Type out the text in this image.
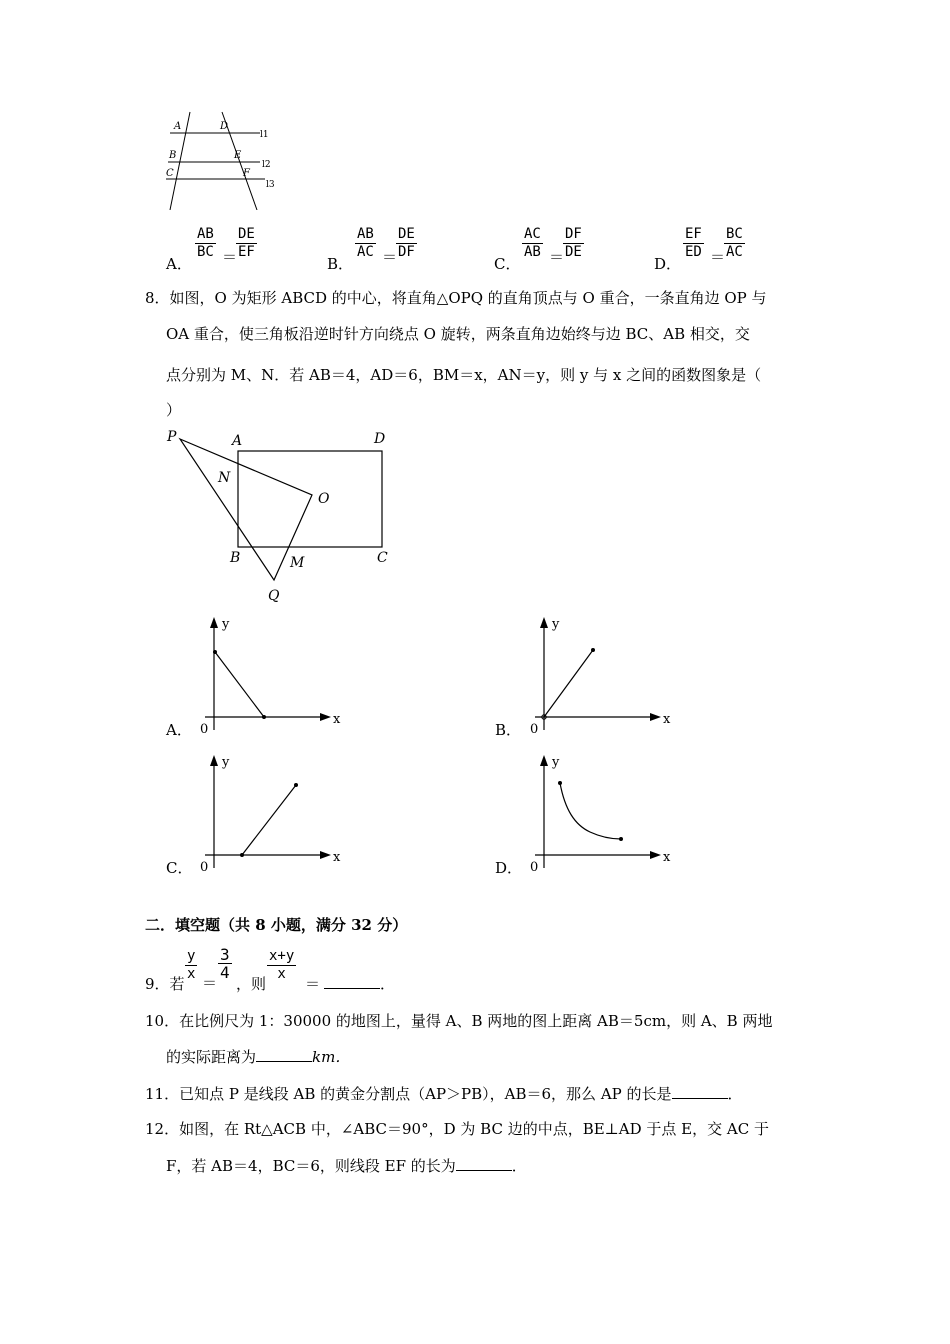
A	D
B	E
C	F
l1
l2
l3
A．
$\frac{AB}{BC}$ ＝
$\frac{DE}{EF}$
B．
$\frac{AB}{AC}$ ＝
$\frac{DE}{DF}$
C．
$\frac{AC}{AB}$ ＝
$\frac{DF}{DE}$
D．
$\frac{EF}{ED}$ ＝
$\frac{BC}{AC}$
8．如图，O 为矩形 ABCD 的中心，将直角△OPQ 的直角顶点与 O 重合，一条直角边 OP 与
OA 重合，使三角板沿逆时针方向绕点 O 旋转，两条直角边始终与边 BC、AB 相交，交
点分别为 M、N．若 AB＝4，AD＝6，BM＝x，AN＝y，则 y 与 x 之间的函数图象是（
）
P	A	D
N
O
B	C
M
Q
A．
y
x
0	B．
y
x
0
C．
y
x
0	D．
y
x
0
二．填空题（共 8 小题，满分 32 分）
9．若
$\frac{y}{x}$ ＝
$\frac{3}{4}$
，则
$\frac{x+y}{x}$
＝	．
10．在比例尺为 1：30000 的地图上，量得 A、B 两地的图上距离 AB＝5cm，则 A、B 两地
的实际距离为	km．
11．已知点 P 是线段 AB 的黄金分割点（AP＞PB），AB＝6，那么 AP 的长是	．
12．如图，在 Rt△ACB 中，∠ABC＝90°，D 为 BC 边的中点，BE⊥AD 于点 E，交 AC 于
F，若 AB＝4，BC＝6，则线段 EF 的长为	．
